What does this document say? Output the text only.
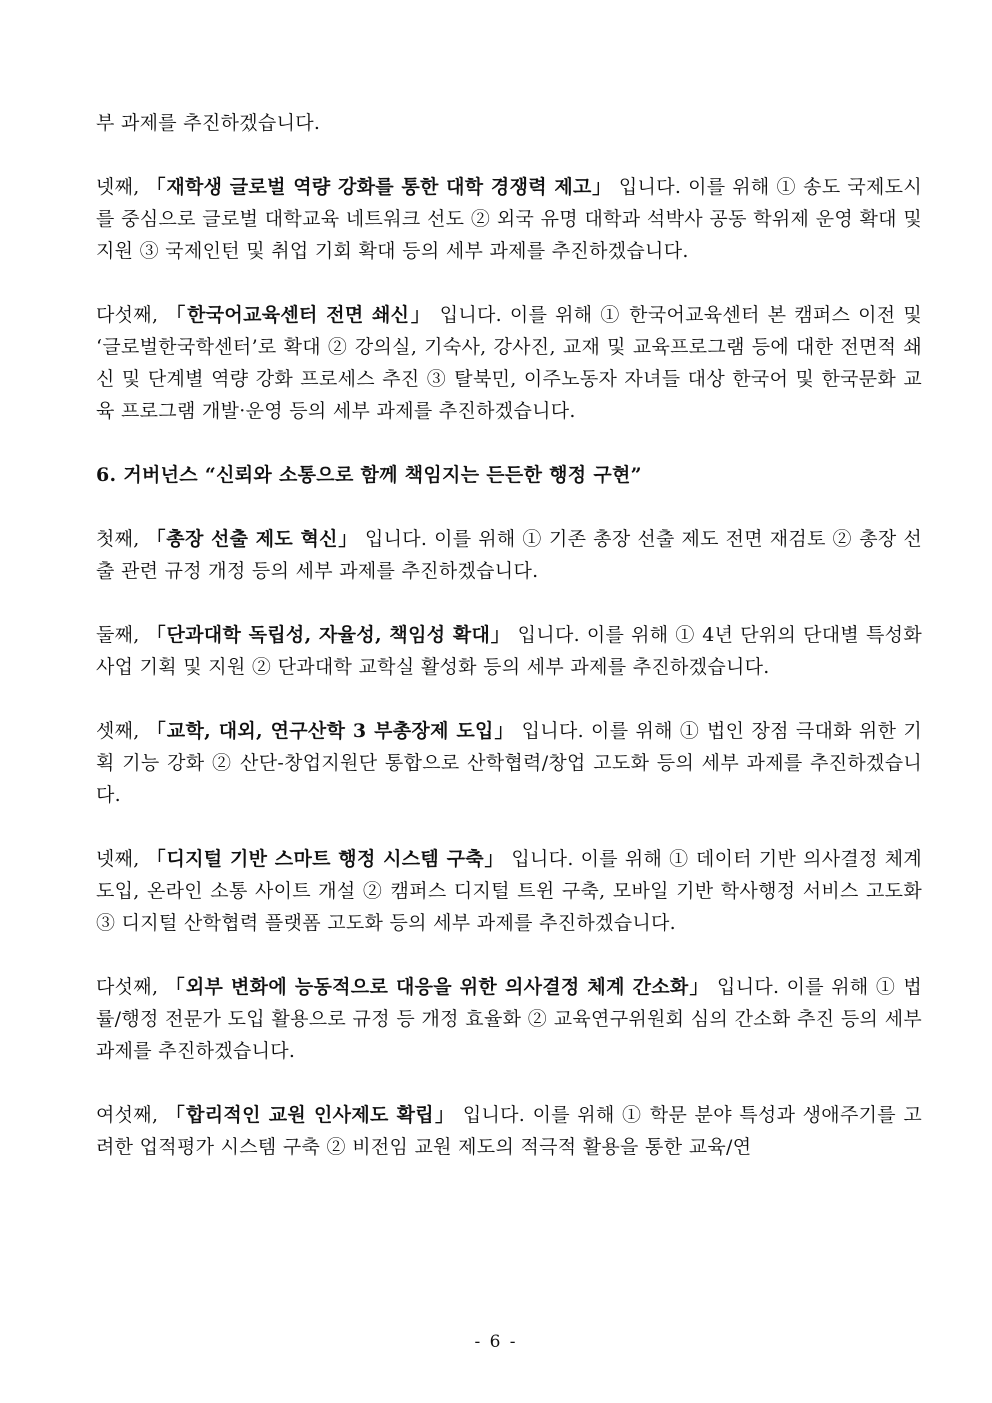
부 과제를 추진하겠습니다.

넷째, 「재학생 글로벌 역량 강화를 통한 대학 경쟁력 제고」 입니다. 이를 위해 ① 송도 국제도시를 중심으로 글로벌 대학교육 네트워크 선도 ② 외국 유명 대학과 석박사 공동 학위제 운영 확대 및 지원 ③ 국제인턴 및 취업 기회 확대 등의 세부 과제를 추진하겠습니다.

다섯째, 「한국어교육센터 전면 쇄신」 입니다. 이를 위해 ① 한국어교육센터 본 캠퍼스 이전 및 ‘글로벌한국학센터’로 확대 ② 강의실, 기숙사, 강사진, 교재 및 교육프로그램 등에 대한 전면적 쇄신 및 단계별 역량 강화 프로세스 추진 ③ 탈북민, 이주노동자 자녀들 대상 한국어 및 한국문화 교육 프로그램 개발·운영 등의 세부 과제를 추진하겠습니다.

6. 거버넌스 “신뢰와 소통으로 함께 책임지는 든든한 행정 구현”

첫째, 「총장 선출 제도 혁신」 입니다. 이를 위해 ① 기존 총장 선출 제도 전면 재검토 ② 총장 선출 관련 규정 개정 등의 세부 과제를 추진하겠습니다.

둘째, 「단과대학 독립성, 자율성, 책임성 확대」 입니다. 이를 위해 ① 4년 단위의 단대별 특성화 사업 기획 및 지원 ② 단과대학 교학실 활성화 등의 세부 과제를 추진하겠습니다.

셋째, 「교학, 대외, 연구산학 3 부총장제 도입」 입니다. 이를 위해 ① 법인 장점 극대화 위한 기획 기능 강화 ② 산단-창업지원단 통합으로 산학협력/창업 고도화 등의 세부 과제를 추진하겠습니다.

넷째, 「디지털 기반 스마트 행정 시스템 구축」 입니다. 이를 위해 ① 데이터 기반 의사결정 체계 도입, 온라인 소통 사이트 개설 ② 캠퍼스 디지털 트윈 구축, 모바일 기반 학사행정 서비스 고도화 ③ 디지털 산학협력 플랫폼 고도화 등의 세부 과제를 추진하겠습니다.

다섯째, 「외부 변화에 능동적으로 대응을 위한 의사결정 체계 간소화」 입니다. 이를 위해 ① 법률/행정 전문가 도입 활용으로 규정 등 개정 효율화 ② 교육연구위원회 심의 간소화 추진 등의 세부 과제를 추진하겠습니다.

여섯째, 「합리적인 교원 인사제도 확립」 입니다. 이를 위해 ① 학문 분야 특성과 생애주기를 고려한 업적평가 시스템 구축 ② 비전임 교원 제도의 적극적 활용을 통한 교육/연

- 6 -
